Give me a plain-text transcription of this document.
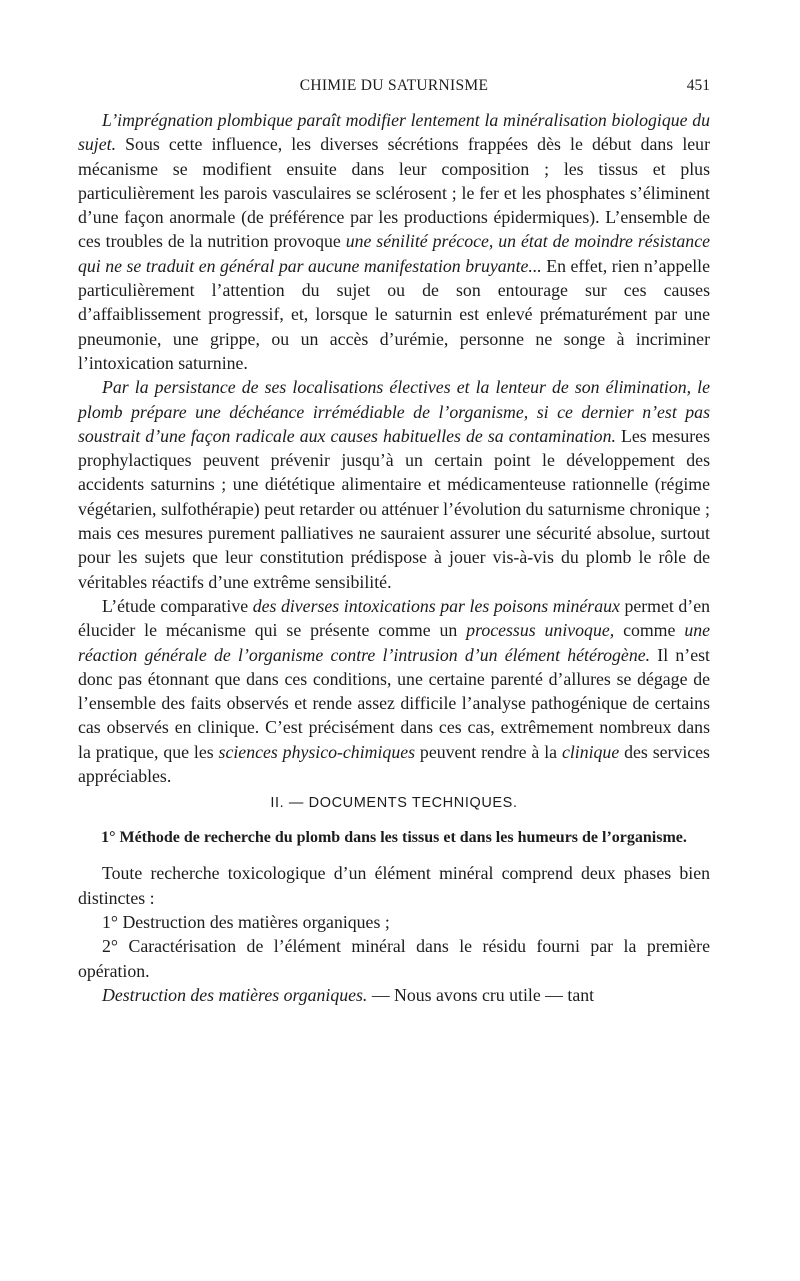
CHIMIE DU SATURNISME	451

L’imprégnation plombique paraît modifier lentement la minéralisation biologique du sujet. Sous cette influence, les diverses sécrétions frappées dès le début dans leur mécanisme se modifient ensuite dans leur composition ; les tissus et plus particulièrement les parois vasculaires se sclérosent ; le fer et les phosphates s’éliminent d’une façon anormale (de préférence par les productions épidermiques). L’ensemble de ces troubles de la nutrition provoque une sénilité précoce, un état de moindre résistance qui ne se traduit en général par aucune manifestation bruyante... En effet, rien n’appelle particulièrement l’attention du sujet ou de son entourage sur ces causes d’affaiblissement progressif, et, lorsque le saturnin est enlevé prématurément par une pneumonie, une grippe, ou un accès d’urémie, personne ne songe à incriminer l’intoxication saturnine.

Par la persistance de ses localisations électives et la lenteur de son élimination, le plomb prépare une déchéance irrémédiable de l’organisme, si ce dernier n’est pas soustrait d’une façon radicale aux causes habituelles de sa contamination. Les mesures prophylactiques peuvent prévenir jusqu’à un certain point le développement des accidents saturnins ; une diététique alimentaire et médicamenteuse rationnelle (régime végétarien, sulfothérapie) peut retarder ou atténuer l’évolution du saturnisme chronique ; mais ces mesures purement palliatives ne sauraient assurer une sécurité absolue, surtout pour les sujets que leur constitution prédispose à jouer vis-à-vis du plomb le rôle de véritables réactifs d’une extrême sensibilité.

L’étude comparative des diverses intoxications par les poisons minéraux permet d’en élucider le mécanisme qui se présente comme un processus univoque, comme une réaction générale de l’organisme contre l’intrusion d’un élément hétérogène. Il n’est donc pas étonnant que dans ces conditions, une certaine parenté d’allures se dégage de l’ensemble des faits observés et rende assez difficile l’analyse pathogénique de certains cas observés en clinique. C’est précisément dans ces cas, extrêmement nombreux dans la pratique, que les sciences physico-chimiques peuvent rendre à la clinique des services appréciables.

II. — DOCUMENTS TECHNIQUES.
1° Méthode de recherche du plomb dans les tissus et dans les humeurs de l’organisme.

Toute recherche toxicologique d’un élément minéral comprend deux phases bien distinctes :

1° Destruction des matières organiques ;

2° Caractérisation de l’élément minéral dans le résidu fourni par la première opération.

Destruction des matières organiques. — Nous avons cru utile — tant
